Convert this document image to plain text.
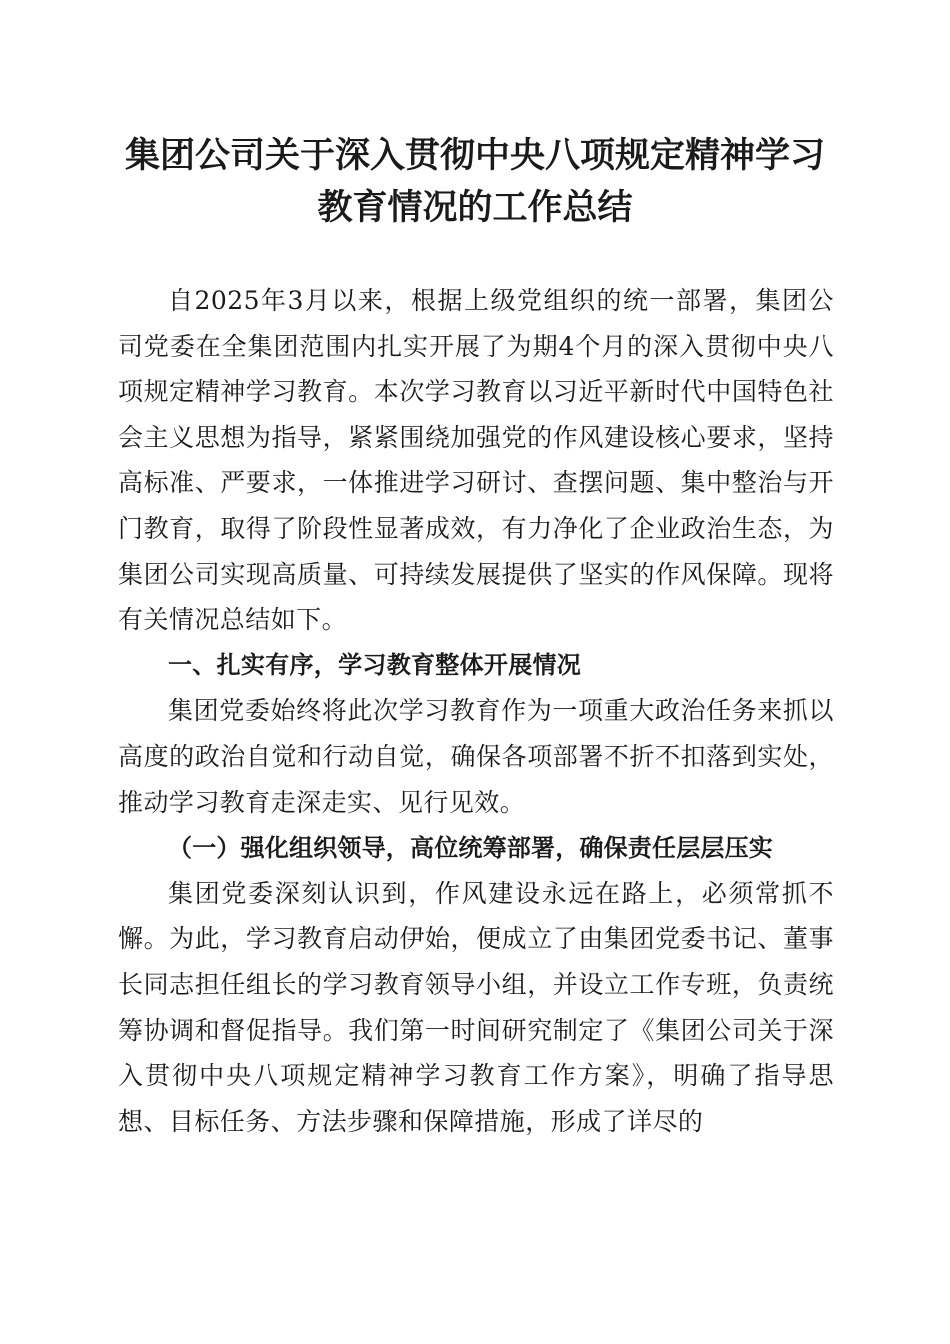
集团公司关于深入贯彻中央八项规定精神学习
教育情况的工作总结

自2025年3月以来，根据上级党组织的统一部署，集团公司党委在全集团范围内扎实开展了为期4个月的深入贯彻中央八项规定精神学习教育。本次学习教育以习近平新时代中国特色社会主义思想为指导，紧紧围绕加强党的作风建设核心要求，坚持高标准、严要求，一体推进学习研讨、查摆问题、集中整治与开门教育，取得了阶段性显著成效，有力净化了企业政治生态，为集团公司实现高质量、可持续发展提供了坚实的作风保障。现将有关情况总结如下。

一、扎实有序，学习教育整体开展情况

集团党委始终将此次学习教育作为一项重大政治任务来抓以高度的政治自觉和行动自觉，确保各项部署不折不扣落到实处，推动学习教育走深走实、见行见效。

（一）强化组织领导，高位统筹部署，确保责任层层压实

集团党委深刻认识到，作风建设永远在路上，必须常抓不懈。为此，学习教育启动伊始，便成立了由集团党委书记、董事长同志担任组长的学习教育领导小组，并设立工作专班，负责统筹协调和督促指导。我们第一时间研究制定了《集团公司关于深入贯彻中央八项规定精神学习教育工作方案》，明确了指导思想、目标任务、方法步骤和保障措施，形成了详尽的
